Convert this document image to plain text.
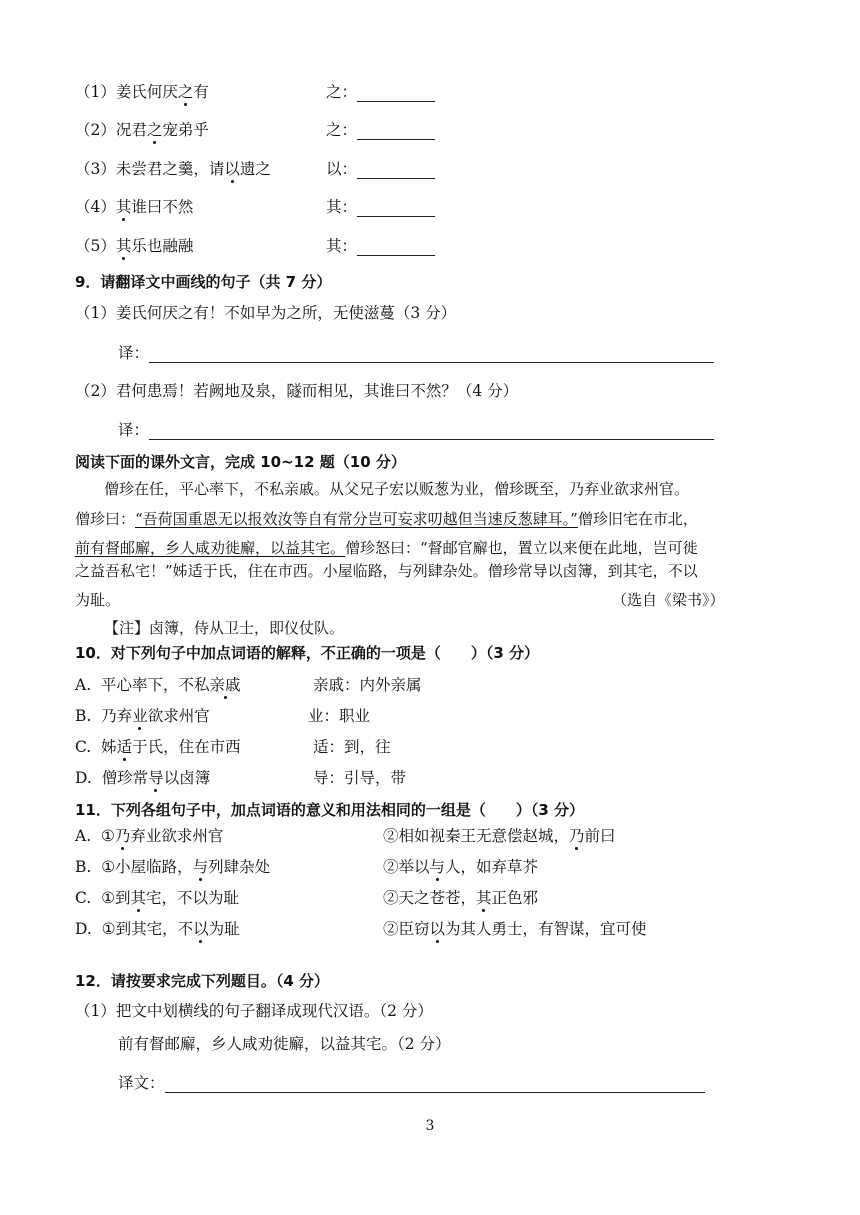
（1）姜氏何厌之有	之：
（2）况君之宠弟乎	之：
（3）未尝君之羹，请以遗之	以：
（4）其谁曰不然	其：
（5）其乐也融融	其：
9．请翻译文中画线的句子（共 7 分）
（1）姜氏何厌之有！不如早为之所，无使滋蔓（3 分）
译：
（2）君何患焉！若阙地及泉，隧而相见，其谁曰不然？（4 分）
译：
阅读下面的课外文言，完成 10~12 题（10 分）
僧珍在任，平心率下，不私亲戚。从父兄子宏以贩葱为业，僧珍既至，乃弃业欲求州官。
僧珍曰：“吾荷国重恩无以报效汝等自有常分岂可妄求叨越但当速反葱肆耳。”僧珍旧宅在市北，
前有督邮廨，乡人咸劝徙廨，以益其宅。僧珍怒曰：“督邮官廨也，置立以来便在此地，岂可徙
之益吾私宅！”姊适于氏，住在市西。小屋临路，与列肆杂处。僧珍常导以卤簿，到其宅，不以
为耻。	（选自《梁书》）
【注】卤簿，侍从卫士，即仪仗队。
10．对下列句子中加点词语的解释，不正确的一项是（　　）（3 分）
A. 平心率下，不私亲戚	亲戚：内外亲属
B. 乃弃业欲求州官	业：职业
C. 姊适于氏，住在市西	适：到，往
D. 僧珍常导以卤簿	导：引导，带
11．下列各组句子中，加点词语的意义和用法相同的一组是（　　）（3 分）
A. ①乃弃业欲求州官	②相如视秦王无意偿赵城，乃前曰
B. ①小屋临路，与列肆杂处	②举以与人，如弃草芥
C. ①到其宅，不以为耻	②天之苍苍，其正色邪
D. ①到其宅，不以为耻	②臣窃以为其人勇士，有智谋，宜可使
12．请按要求完成下列题目。（4 分）
（1）把文中划横线的句子翻译成现代汉语。（2 分）
前有督邮廨，乡人咸劝徙廨，以益其宅。（2 分）
译文：
3
